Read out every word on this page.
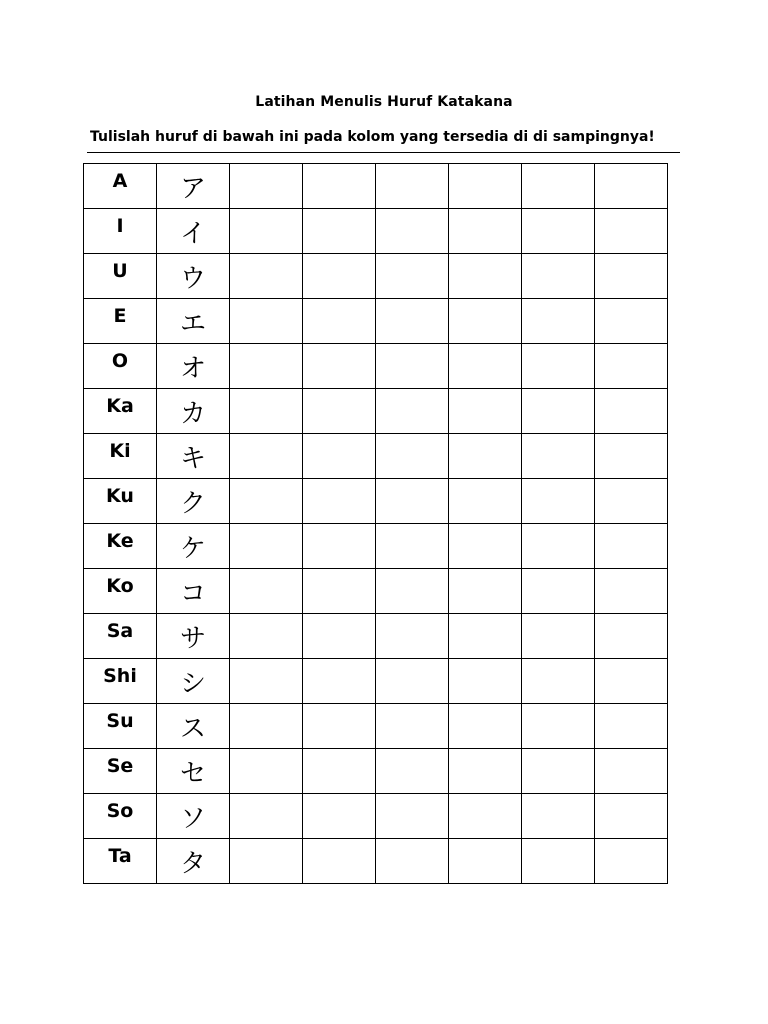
Latihan Menulis Huruf Katakana
Tulislah huruf di bawah ini pada kolom yang tersedia di di sampingnya!
A	ア						
I	イ						
U	ウ						
E	エ						
O	オ						
Ka	カ						
Ki	キ						
Ku	ク						
Ke	ケ						
Ko	コ						
Sa	サ						
Shi	シ						
Su	ス						
Se	セ						
So	ソ						
Ta	タ						
